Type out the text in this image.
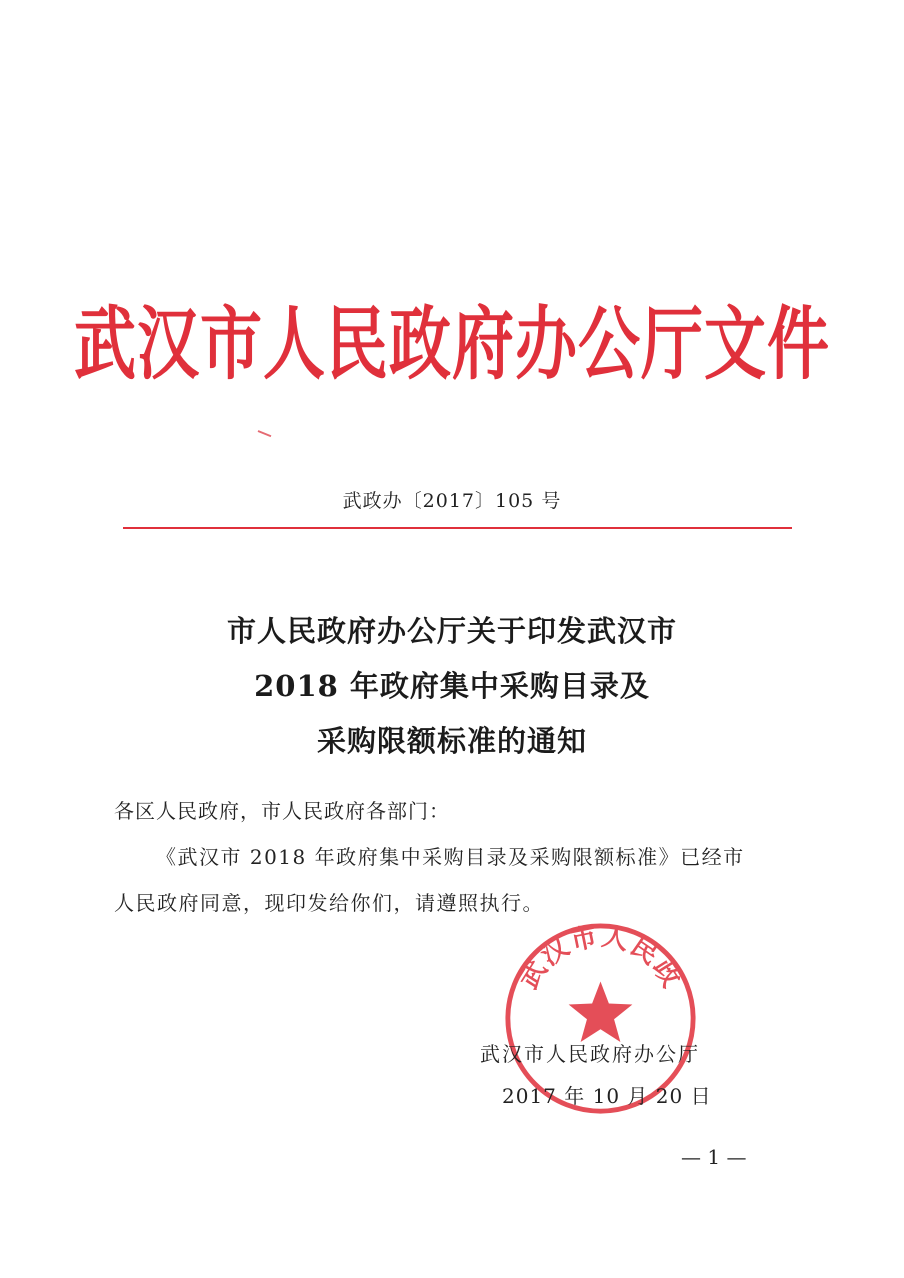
武汉市人民政府办公厅文件
武政办〔2017〕105 号
市人民政府办公厅关于印发武汉市
2018 年政府集中采购目录及
采购限额标准的通知
各区人民政府，市人民政府各部门：
《武汉市 2018 年政府集中采购目录及采购限额标准》已经市
人民政府同意，现印发给你们，请遵照执行。
武汉市人民政
武汉市人民政府办公厅
2017 年 10 月 20 日
— 1 —
